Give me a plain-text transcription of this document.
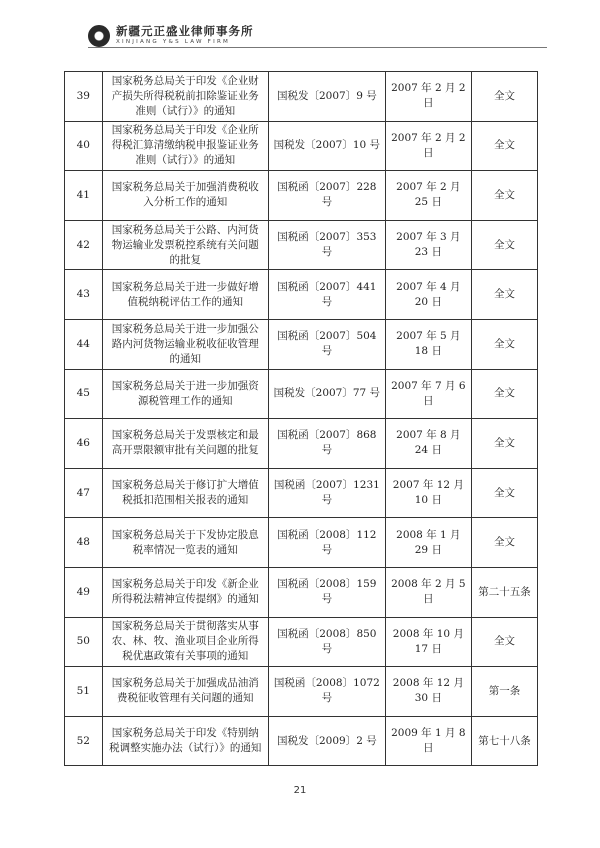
新疆元正盛业律师事务所
XINJIANG Y&S LAW FIRM
39	国家税务总局关于印发《企业财产损失所得税税前扣除鉴证业务准则（试行）》的通知	国税发〔2007〕9 号	2007 年 2 月 2 日	全文
40	国家税务总局关于印发《企业所得税汇算清缴纳税申报鉴证业务准则（试行）》的通知	国税发〔2007〕10 号	2007 年 2 月 2 日	全文
41	国家税务总局关于加强消费税收入分析工作的通知	国税函〔2007〕228 号	2007 年 2 月 25 日	全文
42	国家税务总局关于公路、内河货物运输业发票税控系统有关问题的批复	国税函〔2007〕353 号	2007 年 3 月 23 日	全文
43	国家税务总局关于进一步做好增值税纳税评估工作的通知	国税函〔2007〕441 号	2007 年 4 月 20 日	全文
44	国家税务总局关于进一步加强公路内河货物运输业税收征收管理的通知	国税函〔2007〕504 号	2007 年 5 月 18 日	全文
45	国家税务总局关于进一步加强资源税管理工作的通知	国税发〔2007〕77 号	2007 年 7 月 6 日	全文
46	国家税务总局关于发票核定和最高开票限额审批有关问题的批复	国税函〔2007〕868 号	2007 年 8 月 24 日	全文
47	国家税务总局关于修订扩大增值税抵扣范围相关报表的通知	国税函〔2007〕1231 号	2007 年 12 月 10 日	全文
48	国家税务总局关于下发协定股息税率情况一览表的通知	国税函〔2008〕112 号	2008 年 1 月 29 日	全文
49	国家税务总局关于印发《新企业所得税法精神宣传提纲》的通知	国税函〔2008〕159 号	2008 年 2 月 5 日	第二十五条
50	国家税务总局关于贯彻落实从事农、林、牧、渔业项目企业所得税优惠政策有关事项的通知	国税函〔2008〕850 号	2008 年 10 月 17 日	全文
51	国家税务总局关于加强成品油消费税征收管理有关问题的通知	国税函〔2008〕1072 号	2008 年 12 月 30 日	第一条
52	国家税务总局关于印发《特别纳税调整实施办法（试行）》的通知	国税发〔2009〕2 号	2009 年 1 月 8 日	第七十八条
21
